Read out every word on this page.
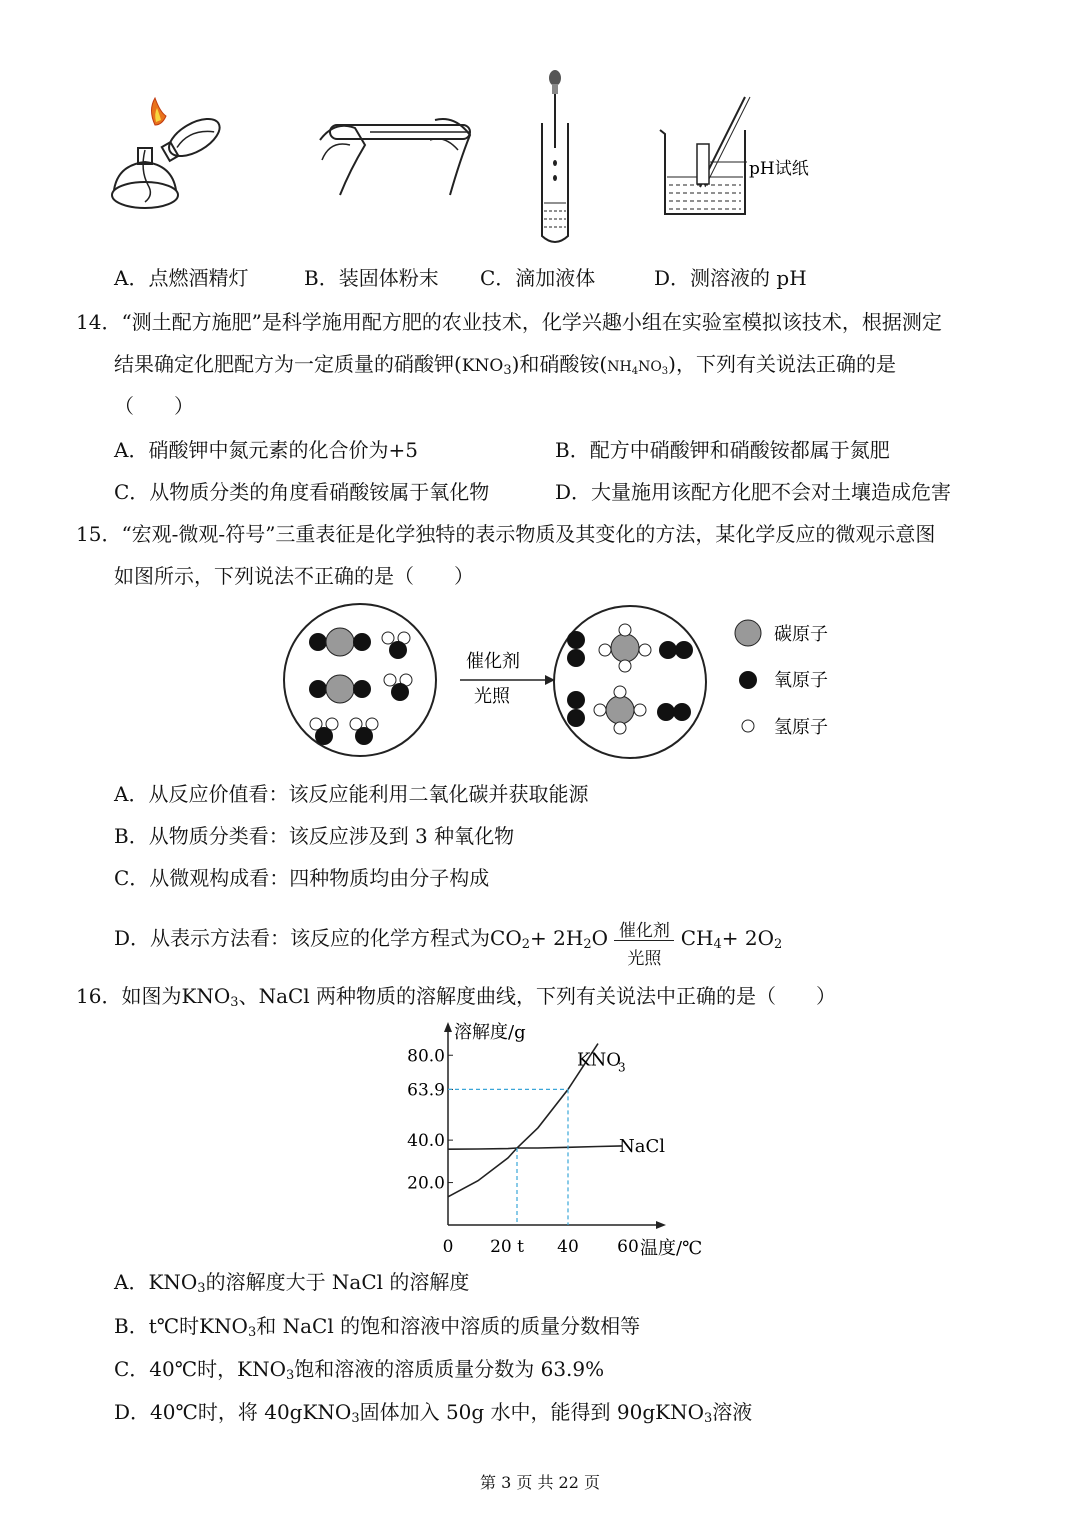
pH试纸
A．点燃酒精灯	B．装固体粉末 C．滴加液体	D．测溶液的 pH
14．“测土配方施肥”是科学施用配方肥的农业技术，化学兴趣小组在实验室模拟该技术，根据测定
结果确定化肥配方为一定质量的硝酸钾$(KNO_3)$和硝酸铵$(NH_4NO_3)$，下列有关说法正确的是
（　　）
A．硝酸钾中氮元素的化合价为+5	B．配方中硝酸钾和硝酸铵都属于氮肥
C．从物质分类的角度看硝酸铵属于氧化物	D．大量施用该配方化肥不会对土壤造成危害
15．“宏观-微观-符号”三重表征是化学独特的表示物质及其变化的方法，某化学反应的微观示意图
如图所示，下列说法不正确的是（　　）
催化剂
光照
碳原子
氧原子
氢原子
A．从反应价值看：该反应能利用二氧化碳并获取能源
B．从物质分类看：该反应涉及到 3 种氧化物
C．从微观构成看：四种物质均由分子构成
D．从表示方法看：该反应的化学方程式为$CO_2+ 2H_2O$ 催化剂
光照
$CH_4+ 2O_2$
16．如图为$KNO_3$、NaCl 两种物质的溶解度曲线，下列有关说法中正确的是（　　）
溶解度/g
20.0
40.0
63.9
80.0
0 20 t 40 60 温度/℃
KNO
3
NaCl
A．$KNO_3$的溶解度大于 NaCl 的溶解度
B．t℃时$KNO_3$和 NaCl 的饱和溶液中溶质的质量分数相等
C．40℃时，$KNO_3$饱和溶液的溶质质量分数为 63.9%
D．40℃时，将 40gKNO$_3$固体加入 50g 水中，能得到 90gKNO$_3$溶液
第 3 页 共 22 页
